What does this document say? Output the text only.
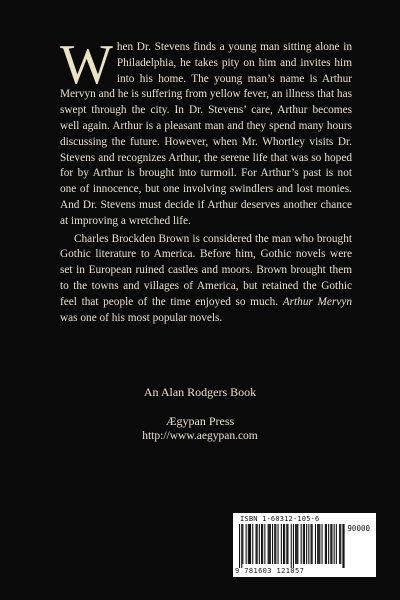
When Dr. Stevens finds a young man sitting alone in Philadelphia, he takes pity on him and invites him into his home. The young man’s name is Arthur Mervyn and he is suffering from yellow fever, an illness that has swept through the city. In Dr. Stevens’ care, Arthur becomes well again. Arthur is a pleasant man and they spend many hours discussing the future. However, when Mr. Whortley visits Dr. Stevens and recognizes Arthur, the serene life that was so hoped for by Arthur is brought into turmoil. For Arthur’s past is not one of innocence, but one involving swindlers and lost monies. And Dr. Stevens must decide if Arthur deserves another chance at improving a wretched life.

Charles Brockden Brown is considered the man who brought Gothic literature to America. Before him, Gothic novels were set in European ruined castles and moors. Brown brought them to the towns and villages of America, but retained the Gothic feel that people of the time enjoyed so much. Arthur Mervyn was one of his most popular novels.

An Alan Rodgers Book
Ægypan Press
http://www.aegypan.com
ISBN 1-60312-105-6
90000
9 781603 121057
